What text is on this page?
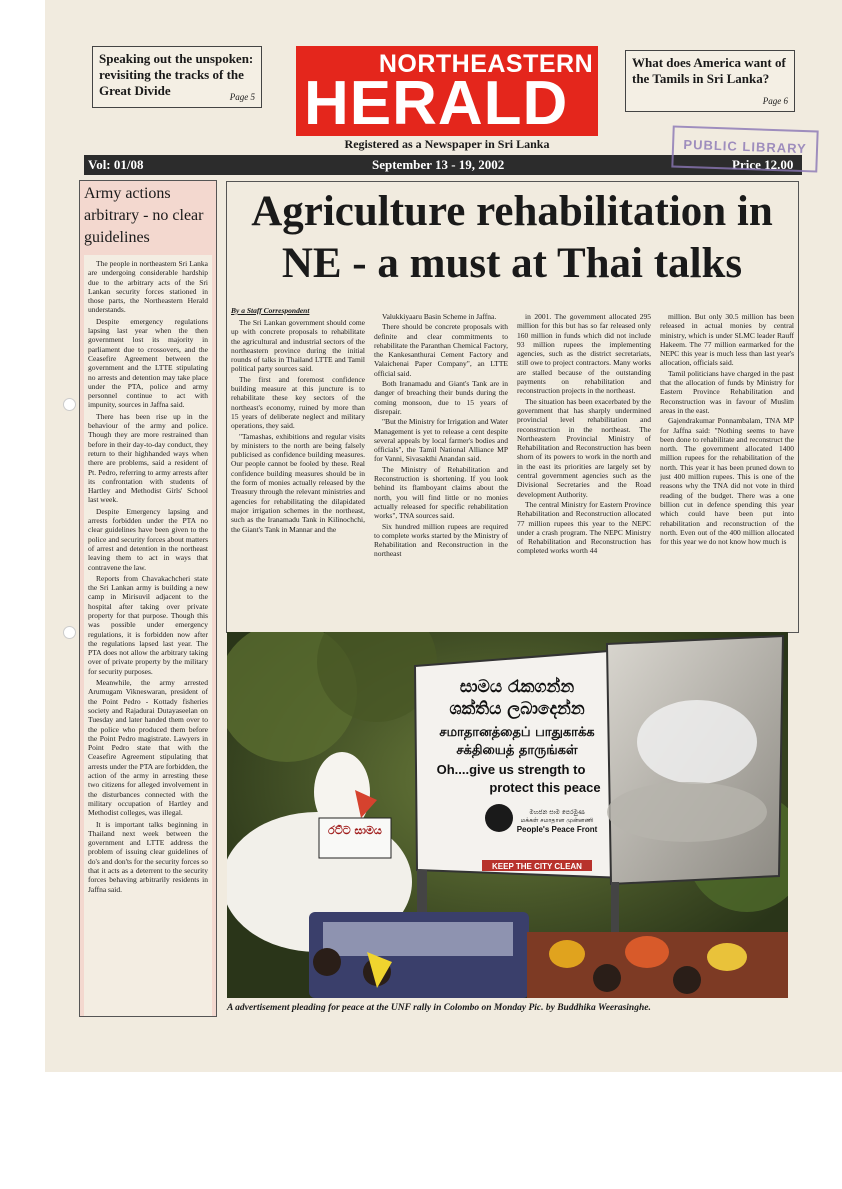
Speaking out the unspoken: revisiting the tracks of the Great Divide	Page 5
NORTHEASTERN
HERALD
Registered as a Newspaper in Sri Lanka
What does America want of the Tamils in Sri Lanka?
Page 6
Vol: 01/08	September 13 - 19, 2002	Price 12.00
PUBLIC LIBRARY
Army actions arbitrary - no clear guidelines

The people in northeastern Sri Lanka are undergoing considerable hardship due to the arbitrary acts of the Sri Lankan security forces stationed in those parts, the Northeastern Herald understands.

Despite emergency regulations lapsing last year when the then government lost its majority in parliament due to crossovers, and the Ceasefire Agreement between the government and the LTTE stipulating no arrests and detention may take place under the PTA, police and army personnel continue to act with impunity, sources in Jaffna said.

There has been rise up in the behaviour of the army and police. Though they are more restrained than before in their day-to-day conduct, they return to their highhanded ways when there are problems, said a resident of Pt. Pedro, referring to army arrests after its confrontation with students of Hartley and Methodist Girls' School last week.

Despite Emergency lapsing and arrests forbidden under the PTA no clear guidelines have been given to the police and security forces about matters of arrest and detention in the northeast leaving them to act in ways that contravene the law.

Reports from Chavakachcheri state the Sri Lankan army is building a new camp in Mirisuvil adjacent to the hospital after taking over private property for that purpose. Though this was possible under emergency regulations, it is forbidden now after the regulations lapsed last year. The PTA does not allow the arbitrary taking over of private property by the military for security purposes.

Meanwhile, the army arrested Arumugam Vikneswaran, president of the Point Pedro - Kottady fisheries society and Rajadurai Dutayaseelan on Tuesday and later handed them over to the police who produced them before the Point Pedro magistrate. Lawyers in Point Pedro state that with the Ceasefire Agreement stipulating that arrests under the PTA are forbidden, the action of the army in arresting these two citizens for alleged involvement in the disturbances connected with the military occupation of Hartley and Methodist colleges, was illegal.

It is important talks beginning in Thailand next week between the government and LTTE address the problem of issuing clear guidelines of do's and don'ts for the security forces so that it acts as a deterrent to the security forces behaving arbitrarily residents in Jaffna said.

Agriculture rehabilitation in NE - a must at Thai talks
By a Staff Correspondent

The Sri Lankan government should come up with concrete proposals to rehabilitate the agricultural and industrial sectors of the northeastern province during the initial rounds of talks in Thailand LTTE and Tamil political party sources said.

The first and foremost confidence building measure at this juncture is to rehabilitate these key sectors of the northeast's economy, ruined by more than 15 years of deliberate neglect and military operations, they said.

"Tamashas, exhibitions and regular visits by ministers to the north are being falsely publicised as confidence building measures. Our people cannot be fooled by these. Real confidence building measures should be in the form of monies actually released by the Treasury through the relevant ministries and agencies for rehabilitating the dilapidated major irrigation schemes in the northeast, such as the Iranamadu Tank in Kilinochchi, the Giant's Tank in Mannar and the

Valukkiyaaru Basin Scheme in Jaffna.

There should be concrete proposals with definite and clear commitments to rehabilitate the Paranthan Chemical Factory, the Kankesanthurai Cement Factory and Valaichenai Paper Company", an LTTE official said.

Both Iranamadu and Giant's Tank are in danger of breaching their bunds during the coming monsoon, due to 15 years of disrepair.

"But the Ministry for Irrigation and Water Management is yet to release a cent despite several appeals by local farmer's bodies and officials", the Tamil National Alliance MP for Vanni, Sivasakthi Anandan said.

The Ministry of Rehabilitation and Reconstruction is shortening. If you look behind its flamboyant claims about the north, you will find little or no monies actually released for specific rehabilitation works", TNA sources said.

Six hundred million rupees are required to complete works started by the Ministry of Rehabilitation and Reconstruction in the northeast

in 2001. The government allocated 295 million for this but has so far released only 160 million in funds which did not include 93 million rupees the implementing agencies, such as the district secretariats, still owe to project contractors. Many works are stalled because of the outstanding payments on rehabilitation and reconstruction projects in the northeast.

The situation has been exacerbated by the government that has sharply undermined provincial level rehabilitation and reconstruction in the northeast. The Northeastern Provincial Ministry of Rehabilitation and Reconstruction has been shorn of its powers to work in the north and in the east its priorities are largely set by central government agencies such as the Divisional Secretaries and the Road development Authority.

The central Ministry for Eastern Province Rehabilitation and Reconstruction allocated 77 million rupees this year to the NEPC under a crash program. The NEPC Ministry of Rehabilitation and Reconstruction has completed works worth 44

million. But only 30.5 million has been released in actual monies by central ministry, which is under SLMC leader Rauff Hakeem. The 77 million earmarked for the NEPC this year is much less than last year's allocation, officials said.

Tamil politicians have charged in the past that the allocation of funds by Ministry for Eastern Province Rehabilitation and Reconstruction was in favour of Muslim areas in the east.

Gajendrakumar Ponnambalam, TNA MP for Jaffna said: "Nothing seems to have been done to rehabilitate and reconstruct the north. The government allocated 1400 million rupees for the rehabilitation of the north. This year it has been pruned down to just 400 million rupees. This is one of the reasons why the TNA did not vote in third reading of the budget. There was a one billion cut in defence spending this year which could have been put into rehabilitation and reconstruction of the north. Even out of the 400 million allocated for this year we do not know how much is

සාමය රැකගන්න
ශක්තිය ලබාදෙන්න
சமாதானத்தைப் பாதுகாக்க
சக்தியைத் தாருங்கள்
Oh....give us strength to
protect this peace
මහජන සාම පෙරමුණ
மக்கள் சமாதான முன்னணி
People's Peace Front
KEEP THE CITY CLEAN
රට්ට සාමය
A advertisement pleading for peace at the UNF rally in Colombo on Monday Pic. by Buddhika Weerasinghe.
